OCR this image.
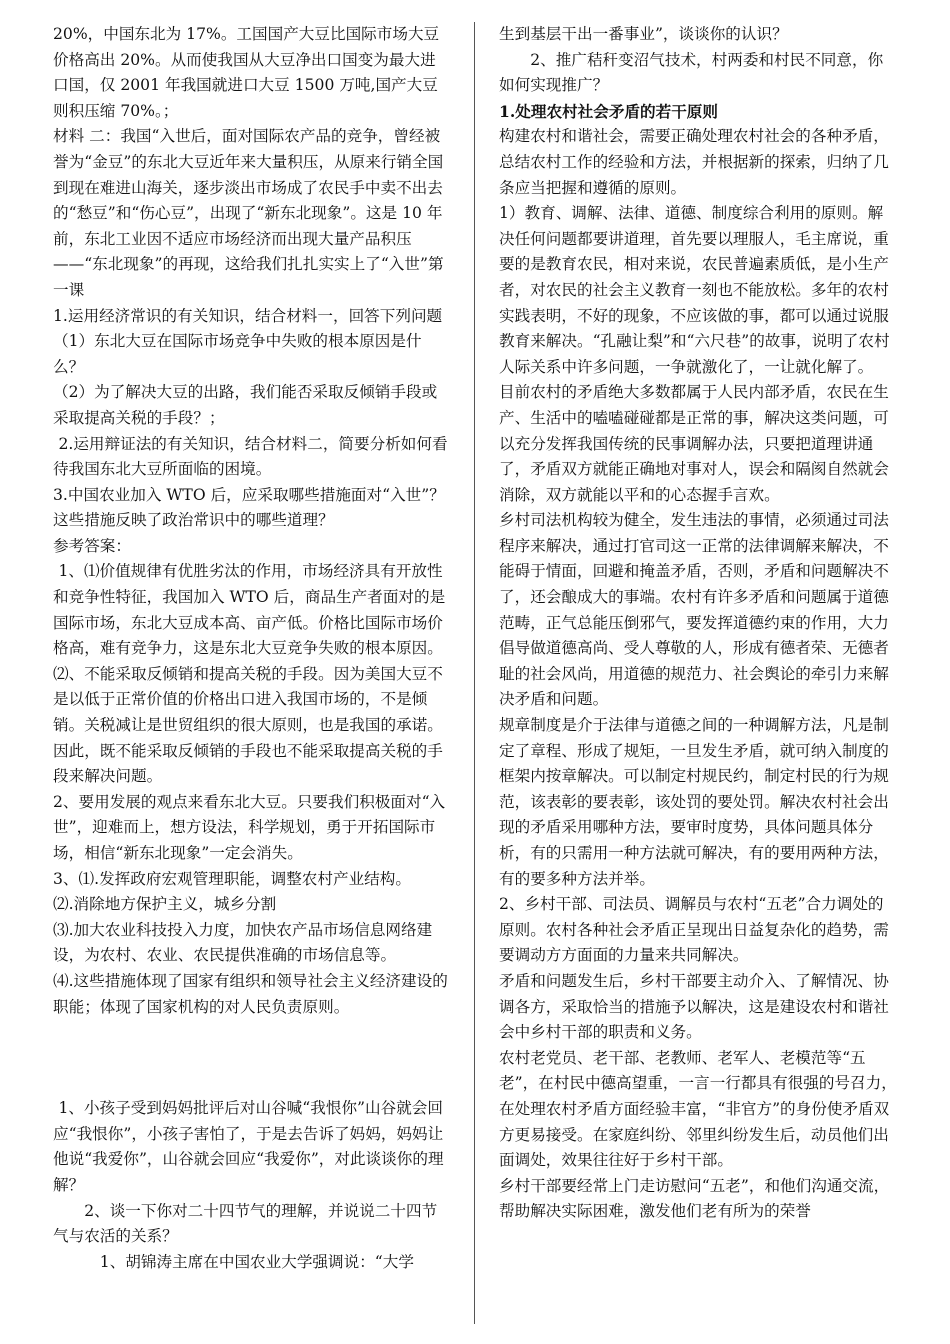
20%，中国东北为 17%。工国国产大豆比国际市场大豆价格高出 20%。从而使我国从大豆净出口国变为最大进口国，仅 2001 年我国就进口大豆 1500 万吨,国产大豆则积压缩 70%。；

材料 二：我国“入世后，面对国际农产品的竞争，曾经被誉为“金豆”的东北大豆近年来大量积压，从原来行销全国到现在难进山海关，逐步淡出市场成了农民手中卖不出去的“愁豆”和“伤心豆”，出现了“新东北现象”。这是 10 年前，东北工业因不适应市场经济而出现大量产品积压——“东北现象”的再现，这给我们扎扎实实上了“入世”第一课

1.运用经济常识的有关知识，结合材料一，回答下列问题

（1）东北大豆在国际市场竞争中失败的根本原因是什么？

（2）为了解决大豆的出路，我们能否采取反倾销手段或采取提高关税的手段？；

2.运用辩证法的有关知识，结合材料二，简要分析如何看待我国东北大豆所面临的困境。

3.中国农业加入 WTO 后，应采取哪些措施面对“入世”？这些措施反映了政治常识中的哪些道理？

参考答案：

1、⑴价值规律有优胜劣汰的作用，市场经济具有开放性和竞争性特征，我国加入 WTO 后，商品生产者面对的是国际市场，东北大豆成本高、亩产低。价格比国际市场价格高，难有竞争力，这是东北大豆竞争失败的根本原因。

⑵、不能采取反倾销和提高关税的手段。因为美国大豆不是以低于正常价值的价格出口进入我国市场的，不是倾销。关税减让是世贸组织的很大原则，也是我国的承诺。因此，既不能采取反倾销的手段也不能采取提高关税的手段来解决问题。

2、要用发展的观点来看东北大豆。只要我们积极面对“入世”，迎难而上，想方设法，科学规划，勇于开拓国际市场，相信“新东北现象”一定会消失。

3、⑴.发挥政府宏观管理职能，调整农村产业结构。

⑵.消除地方保护主义，城乡分割

⑶.加大农业科技投入力度，加快农产品市场信息网络建设，为农村、农业、农民提供准确的市场信息等。

⑷.这些措施体现了国家有组织和领导社会主义经济建设的职能；体现了国家机构的对人民负责原则。

1、小孩子受到妈妈批评后对山谷喊“我恨你”山谷就会回应“我恨你”，小孩子害怕了，于是去告诉了妈妈，妈妈让他说“我爱你”，山谷就会回应“我爱你”，对此谈谈你的理解？

2、谈一下你对二十四节气的理解，并说说二十四节气与农活的关系？

1、胡锦涛主席在中国农业大学强调说：“大学

生到基层干出一番事业”，谈谈你的认识？

2、推广秸秆变沼气技术，村两委和村民不同意，你如何实现推广？

1.处理农村社会矛盾的若干原则

构建农村和谐社会，需要正确处理农村社会的各种矛盾，总结农村工作的经验和方法，并根据新的探索，归纳了几条应当把握和遵循的原则。

1）教育、调解、法律、道德、制度综合利用的原则。解决任何问题都要讲道理，首先要以理服人，毛主席说，重要的是教育农民，相对来说，农民普遍素质低，是小生产者，对农民的社会主义教育一刻也不能放松。多年的农村实践表明，不好的现象，不应该做的事，都可以通过说服教育来解决。“孔融让梨”和“六尺巷”的故事，说明了农村人际关系中许多问题，一争就激化了，一让就化解了。

目前农村的矛盾绝大多数都属于人民内部矛盾，农民在生产、生活中的嗑嗑碰碰都是正常的事，解决这类问题，可以充分发挥我国传统的民事调解办法，只要把道理讲通了，矛盾双方就能正确地对事对人，误会和隔阂自然就会消除，双方就能以平和的心态握手言欢。

乡村司法机构较为健全，发生违法的事情，必须通过司法程序来解决，通过打官司这一正常的法律调解来解决，不能碍于情面，回避和掩盖矛盾，否则，矛盾和问题解决不了，还会酿成大的事端。农村有许多矛盾和问题属于道德范畴，正气总能压倒邪气，要发挥道德约束的作用，大力倡导做道德高尚、受人尊敬的人，形成有德者荣、无德者耻的社会风尚，用道德的规范力、社会舆论的牵引力来解决矛盾和问题。

规章制度是介于法律与道德之间的一种调解方法，凡是制定了章程、形成了规矩，一旦发生矛盾，就可纳入制度的框架内按章解决。可以制定村规民约，制定村民的行为规范，该表彰的要表彰，该处罚的要处罚。解决农村社会出现的矛盾采用哪种方法，要审时度势，具体问题具体分析，有的只需用一种方法就可解决，有的要用两种方法，有的要多种方法并举。

2、乡村干部、司法员、调解员与农村“五老”合力调处的原则。农村各种社会矛盾正呈现出日益复杂化的趋势，需要调动方方面面的力量来共同解决。

矛盾和问题发生后，乡村干部要主动介入、了解情况、协调各方，采取恰当的措施予以解决，这是建设农村和谐社会中乡村干部的职责和义务。

农村老党员、老干部、老教师、老军人、老模范等“五老”，在村民中德高望重，一言一行都具有很强的号召力，在处理农村矛盾方面经验丰富，“非官方”的身份使矛盾双方更易接受。在家庭纠纷、邻里纠纷发生后，动员他们出面调处，效果往往好于乡村干部。

乡村干部要经常上门走访慰问“五老”，和他们沟通交流，帮助解决实际困难，激发他们老有所为的荣誉
